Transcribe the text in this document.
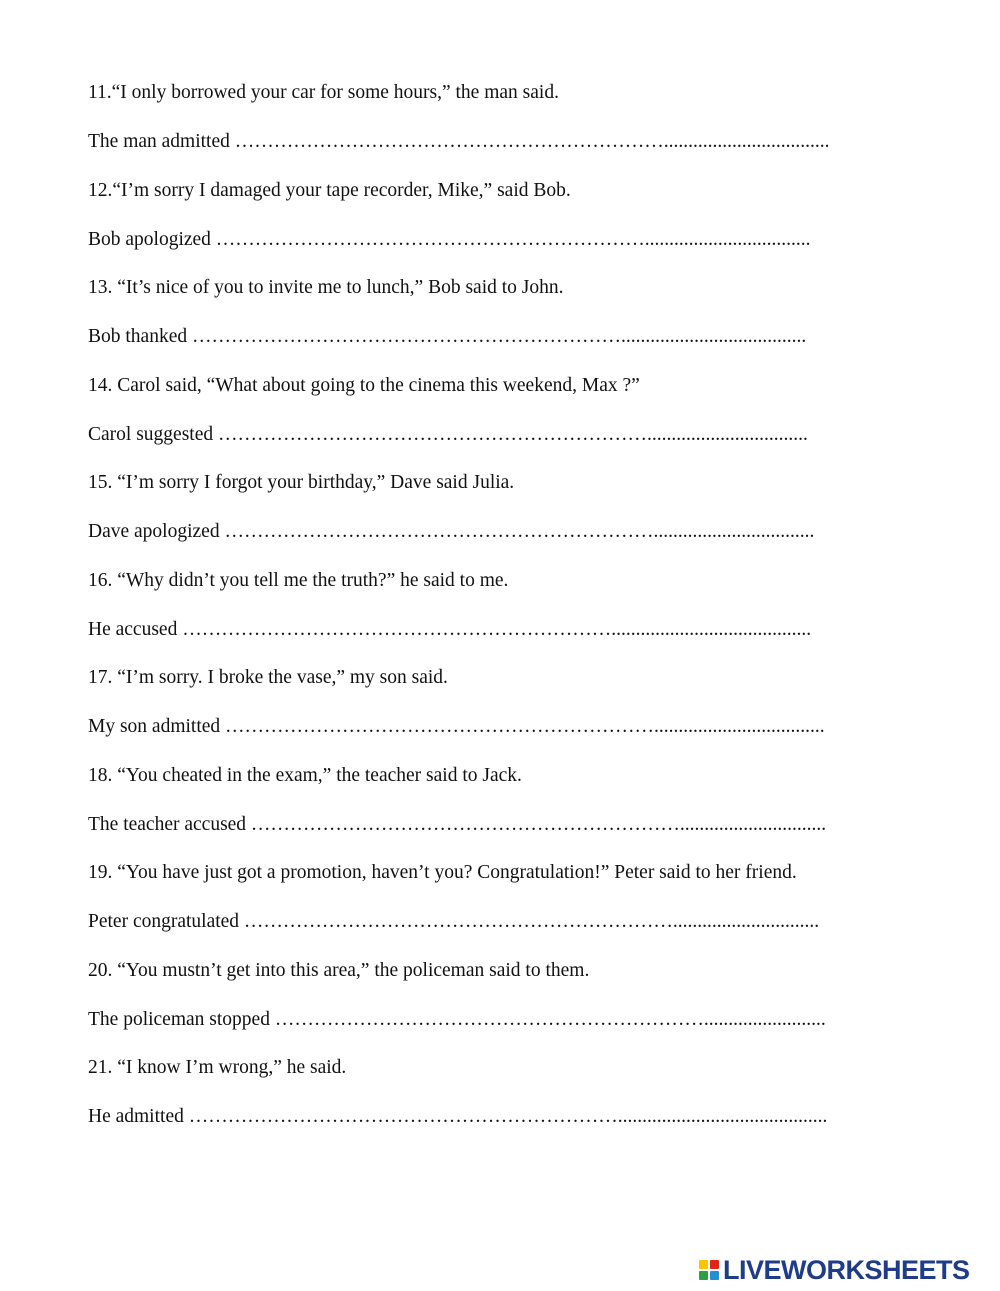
11.“I only borrowed your car for some hours,” the man said.

The man admitted …………………………………………………………..................................

12.“I’m sorry I damaged your tape recorder, Mike,” said Bob.

Bob apologized …………………………………………………………..................................

13. “It’s nice of you to invite me to lunch,” Bob said to John.

Bob thanked …………………………………………………………......................................

14. Carol said, “What about going to the cinema this weekend, Max ?”

Carol suggested ………………………………………………………….................................

15. “I’m sorry I forgot your birthday,” Dave said Julia.

Dave apologized ………………………………………………………….................................

16. “Why didn’t you tell me the truth?” he said to me.

He accused ………………………………………………………….........................................

17. “I’m sorry. I broke the vase,” my son said.

My son admitted …………………………………………………………...................................

18. “You cheated in the exam,” the teacher said to Jack.

The teacher accused …………………………………………………………..............................

19. “You have just got a promotion, haven’t you? Congratulation!” Peter said to her friend.

Peter congratulated …………………………………………………………..............................

20. “You mustn’t get into this area,” the policeman said to them.

The policeman stopped ………………………………………………………….........................

21. “I know I’m wrong,” he said.

He admitted …………………………………………………………...........................................

LIVEWORKSHEETS
